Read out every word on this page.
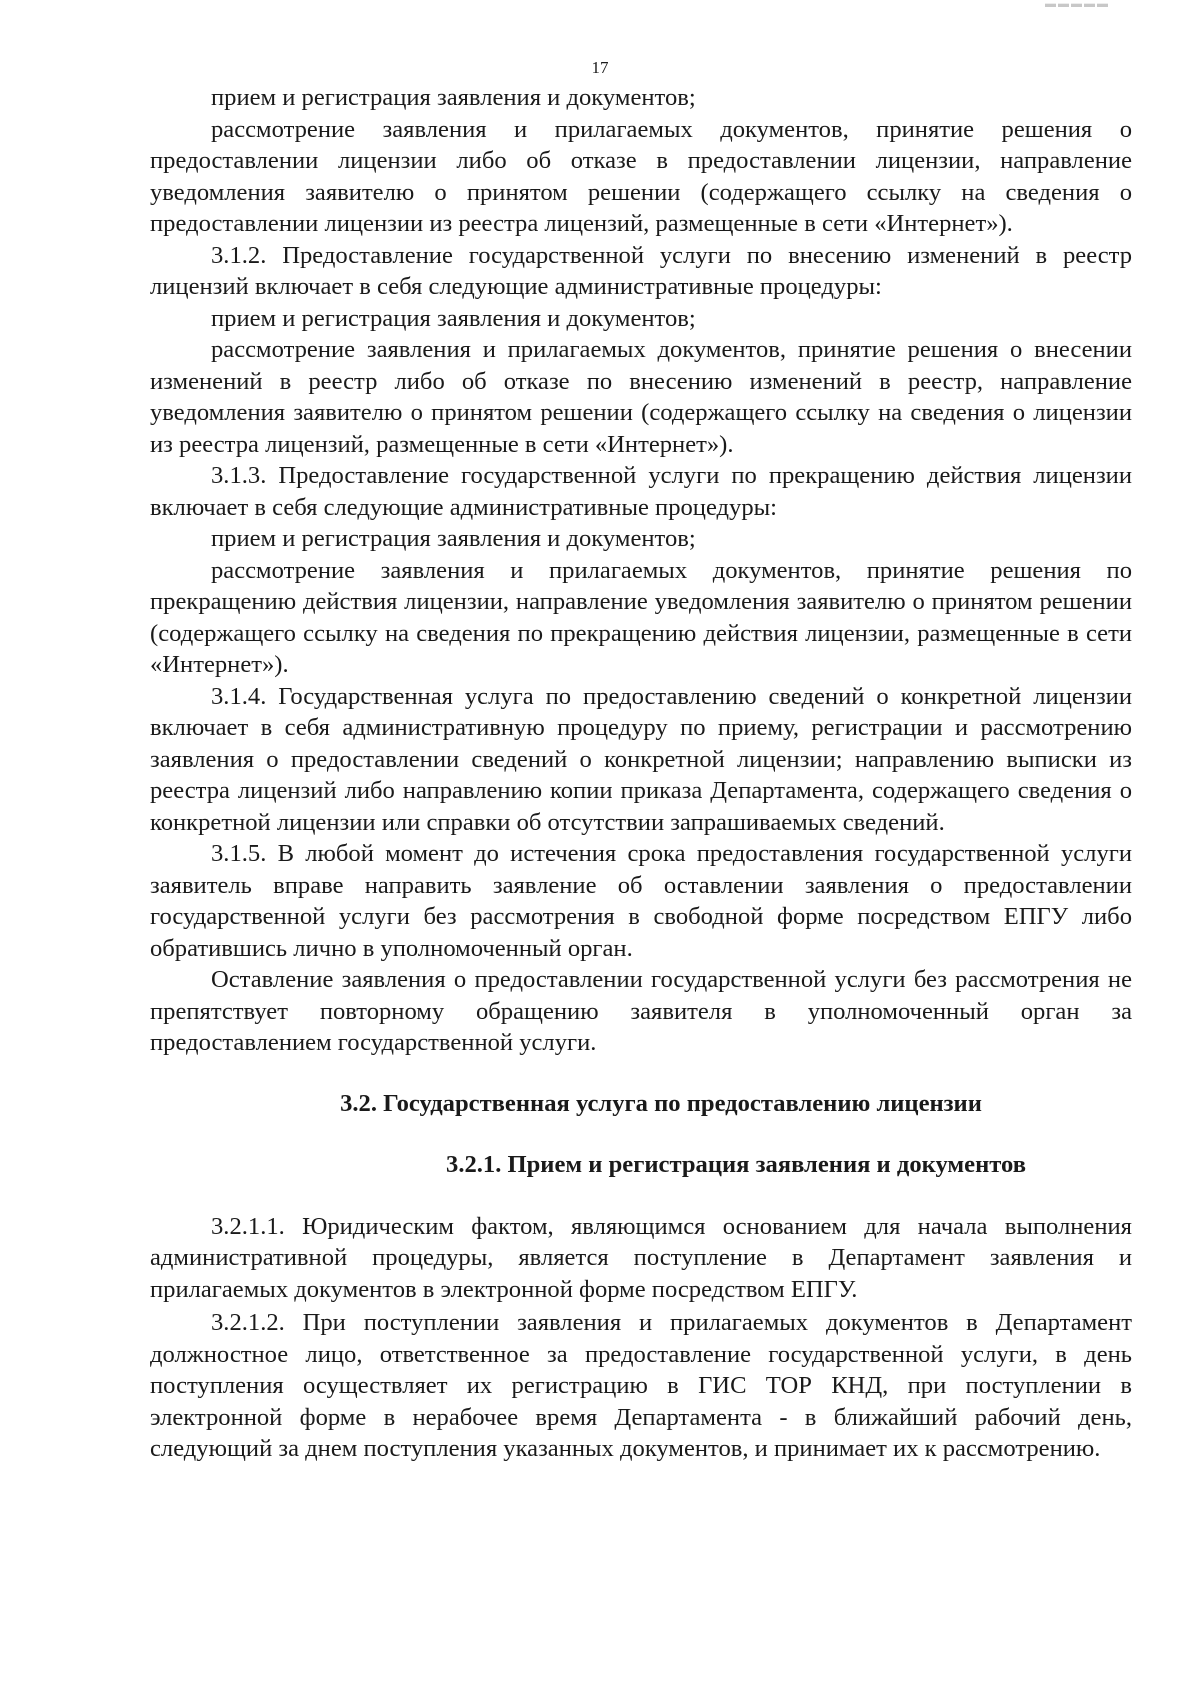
▬▬▬▬▬
17

прием и регистрация заявления и документов;

рассмотрение заявления и прилагаемых документов, принятие решения о предоставлении лицензии либо об отказе в предоставлении лицензии, направление уведомления заявителю о принятом решении (содержащего ссылку на сведения о предоставлении лицензии из реестра лицензий, размещенные в сети «Интернет»).

3.1.2. Предоставление государственной услуги по внесению изменений в реестр лицензий включает в себя следующие административные процедуры:

прием и регистрация заявления и документов;

рассмотрение заявления и прилагаемых документов, принятие решения о внесении изменений в реестр либо об отказе по внесению изменений в реестр, направление уведомления заявителю о принятом решении (содержащего ссылку на сведения о лицензии из реестра лицензий, размещенные в сети «Интернет»).

3.1.3. Предоставление государственной услуги по прекращению действия лицензии включает в себя следующие административные процедуры:

прием и регистрация заявления и документов;

рассмотрение заявления и прилагаемых документов, принятие решения по прекращению действия лицензии, направление уведомления заявителю о принятом решении (содержащего ссылку на сведения по прекращению действия лицензии, размещенные в сети «Интернет»).

3.1.4. Государственная услуга по предоставлению сведений о конкретной лицензии включает в себя административную процедуру по приему, регистрации и рассмотрению заявления о предоставлении сведений о конкретной лицензии; направлению выписки из реестра лицензий либо направлению копии приказа Департамента, содержащего сведения о конкретной лицензии или справки об отсутствии запрашиваемых сведений.

3.1.5. В любой момент до истечения срока предоставления государственной услуги заявитель вправе направить заявление об оставлении заявления о предоставлении государственной услуги без рассмотрения в свободной форме посредством ЕПГУ либо обратившись лично в уполномоченный орган.

Оставление заявления о предоставлении государственной услуги без рассмотрения не препятствует повторному обращению заявителя в уполномоченный орган за предоставлением государственной услуги.

3.2. Государственная услуга по предоставлению лицензии
3.2.1. Прием и регистрация заявления и документов

3.2.1.1. Юридическим фактом, являющимся основанием для начала выполнения административной процедуры, является поступление в Департамент заявления и прилагаемых документов в электронной форме посредством ЕПГУ.

3.2.1.2. При поступлении заявления и прилагаемых документов в Департамент должностное лицо, ответственное за предоставление государственной услуги, в день поступления осуществляет их регистрацию в ГИС ТОР КНД, при поступлении в электронной форме в нерабочее время Департамента - в ближайший рабочий день, следующий за днем поступления указанных документов, и принимает их к рассмотрению.
